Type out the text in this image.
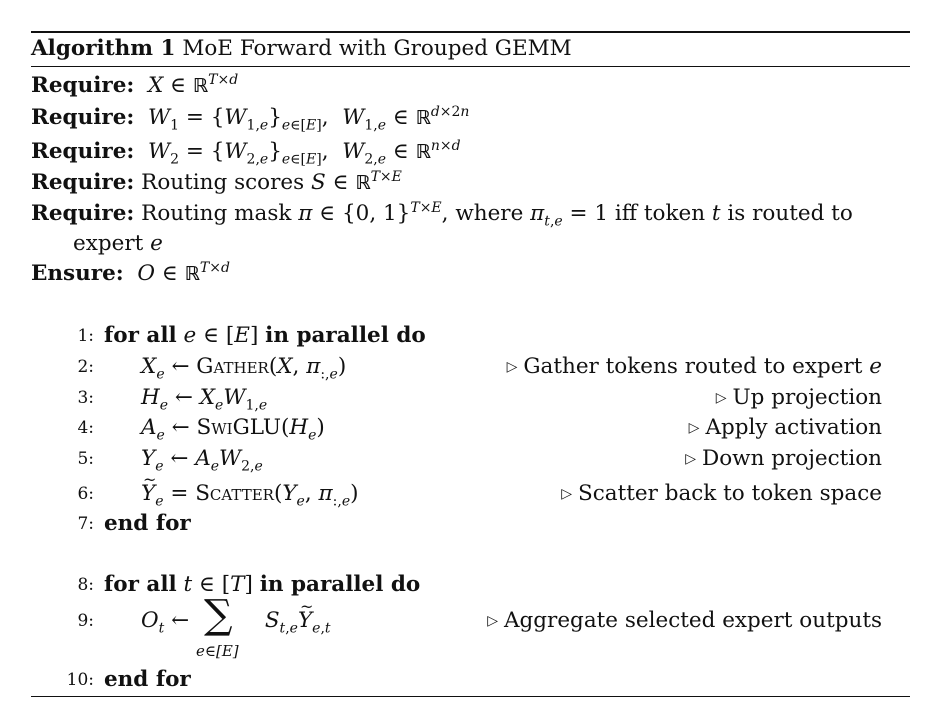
Algorithm 1 MoE Forward with Grouped GEMM
Require: X ∈ ℝ$^{T\times d}$
Require: $W_1 = \{W_{1,e}\}_{e\in[E]}$,  $W_{1,e}$ ∈ ℝ$^{d\times 2n}$
Require: $W_2 = \{W_{2,e}\}_{e\in[E]}$,  $W_{2,e}$ ∈ ℝ$^{n\times d}$
Require: Routing scores S ∈ ℝ$^{T\times E}$
Require: Routing mask π ∈ {0, 1}$^{T\times E}$, where $\pi_{t,e} = 1$ iff token t is routed to
expert e
Ensure: O ∈ ℝ$^{T\times d}$
1: for all e ∈ [E] in parallel do
2: $X_e$ ← Gather(X, $\pi_{:,e}$)	▷ Gather tokens routed to expert e
3: $H_e$ ← $X_eW_{1,e}$	▷ Up projection
4: $A_e$ ← $SwiGLU(H_e)$	▷ Apply activation
5: $Y_e$ ← $A_eW_{2,e}$	▷ Down projection
6:
~ $Y_e$ = $Scatter(Y_e$, $\pi_{:,e}$)	▷ Scatter back to token space
7: end for
8: for all t ∈ [T] in parallel do
9: $O_t$ ← ∑
e∈[E]
$S_{t,e}\sim$ $Y_{e,t}$	▷ Aggregate selected expert outputs
10: end for
